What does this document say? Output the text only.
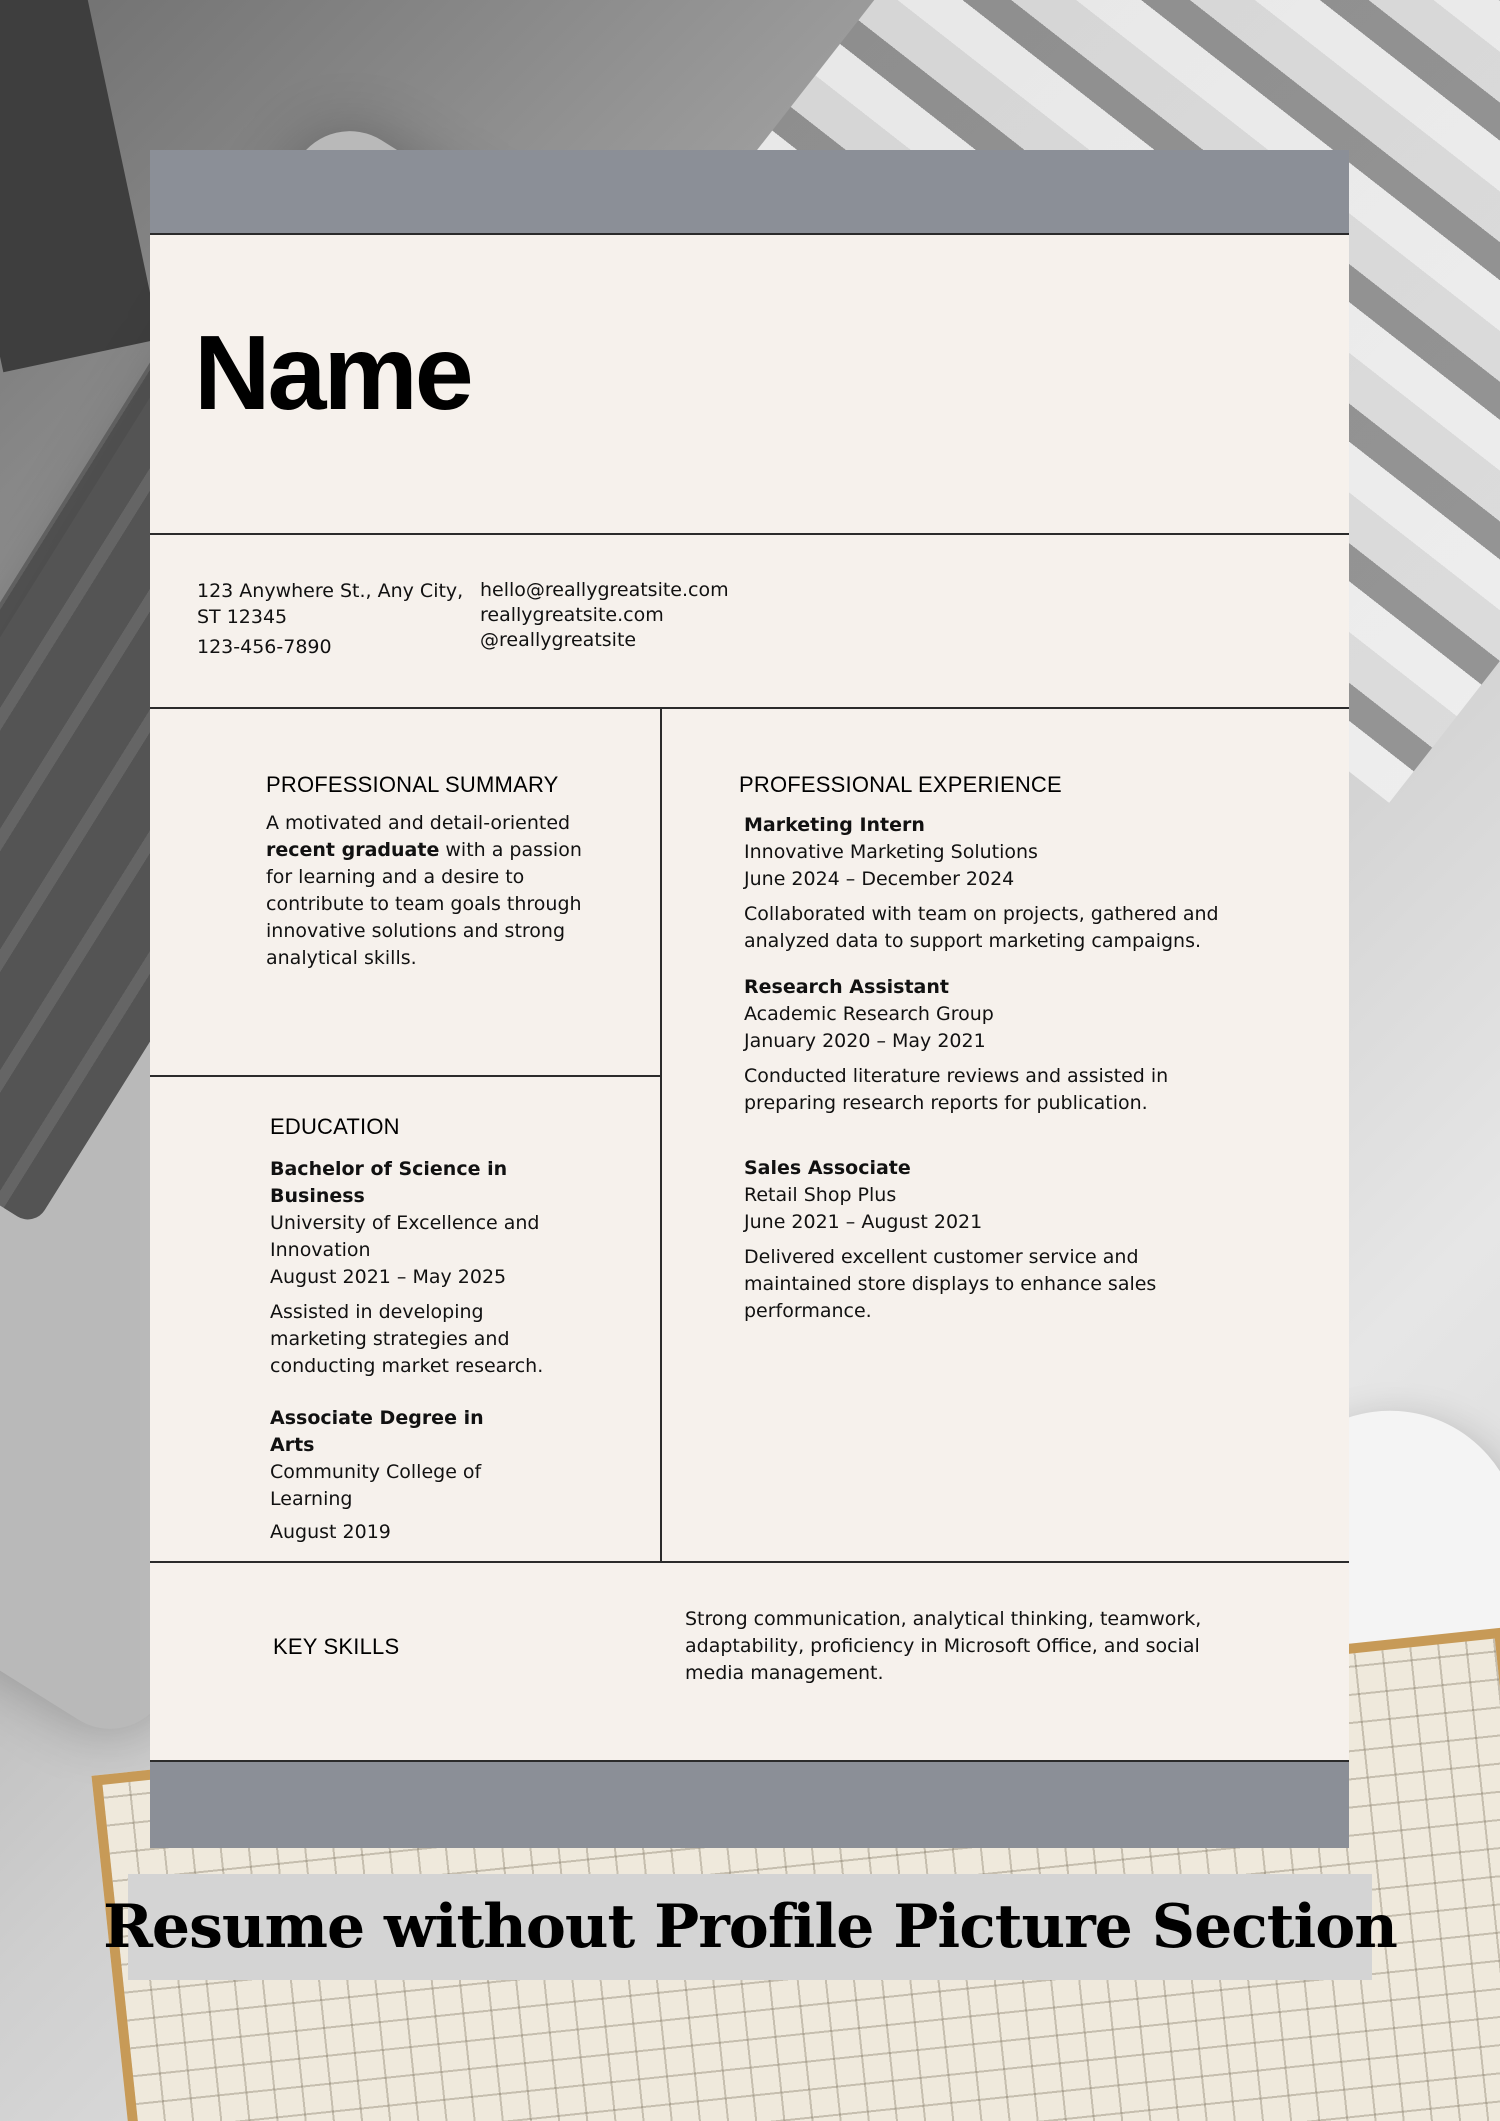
Name
123 Anywhere St., Any City,
ST 12345
123-456-7890
hello@reallygreatsite.com
reallygreatsite.com
@reallygreatsite
PROFESSIONAL SUMMARY
A motivated and detail-oriented recent graduate with a passion for learning and a desire to contribute to team goals through innovative solutions and strong analytical skills.
EDUCATION
Bachelor of Science in Business
University of Excellence and Innovation
August 2021 – May 2025
Assisted in developing marketing strategies and conducting market research.
Associate Degree in Arts
Community College of Learning
August 2019
PROFESSIONAL EXPERIENCE
Marketing Intern
Innovative Marketing Solutions
June 2024 – December 2024
Collaborated with team on projects, gathered and analyzed data to support marketing campaigns.
Research Assistant
Academic Research Group
January 2020 – May 2021
Conducted literature reviews and assisted in preparing research reports for publication.
Sales Associate
Retail Shop Plus
June 2021 – August 2021
Delivered excellent customer service and maintained store displays to enhance sales performance.
KEY SKILLS
Strong communication, analytical thinking, teamwork, adaptability, proficiency in Microsoft Office, and social media management.
Resume without Profile Picture Section
